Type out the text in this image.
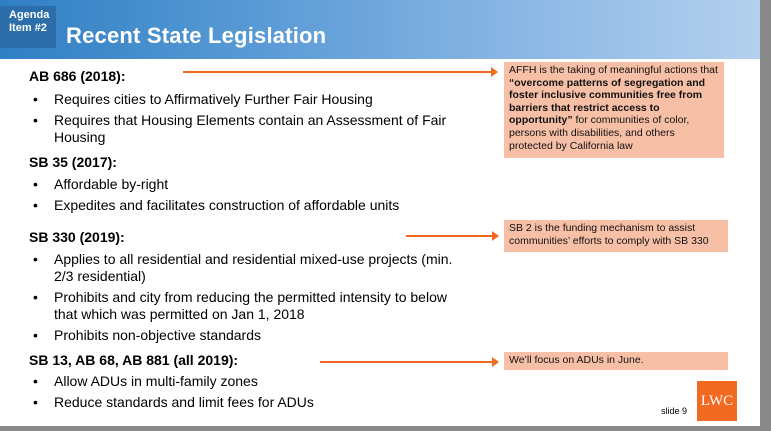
Agenda
Item #2 Recent State Legislation
AB 686 (2018):
• Requires cities to Affirmatively Further Fair Housing
• Requires that Housing Elements contain an Assessment of Fair Housing
SB 35 (2017):
• Affordable by-right
• Expedites and facilitates construction of affordable units
SB 330 (2019):
• Applies to all residential and residential mixed-use projects (min. 2/3 residential)
• Prohibits and city from reducing the permitted intensity to below that which was permitted on Jan 1, 2018
• Prohibits non-objective standards
SB 13, AB 68, AB 881 (all 2019):
• Allow ADUs in multi-family zones
• Reduce standards and limit fees for ADUs
AFFH is the taking of meaningful actions that “overcome patterns of segregation and foster inclusive communities free from barriers that restrict access to opportunity” for communities of color, persons with disabilities, and others protected by California law
SB 2 is the funding mechanism to assist communities’ efforts to comply with SB 330
We’ll focus on ADUs in June.
LWC
slide 9
